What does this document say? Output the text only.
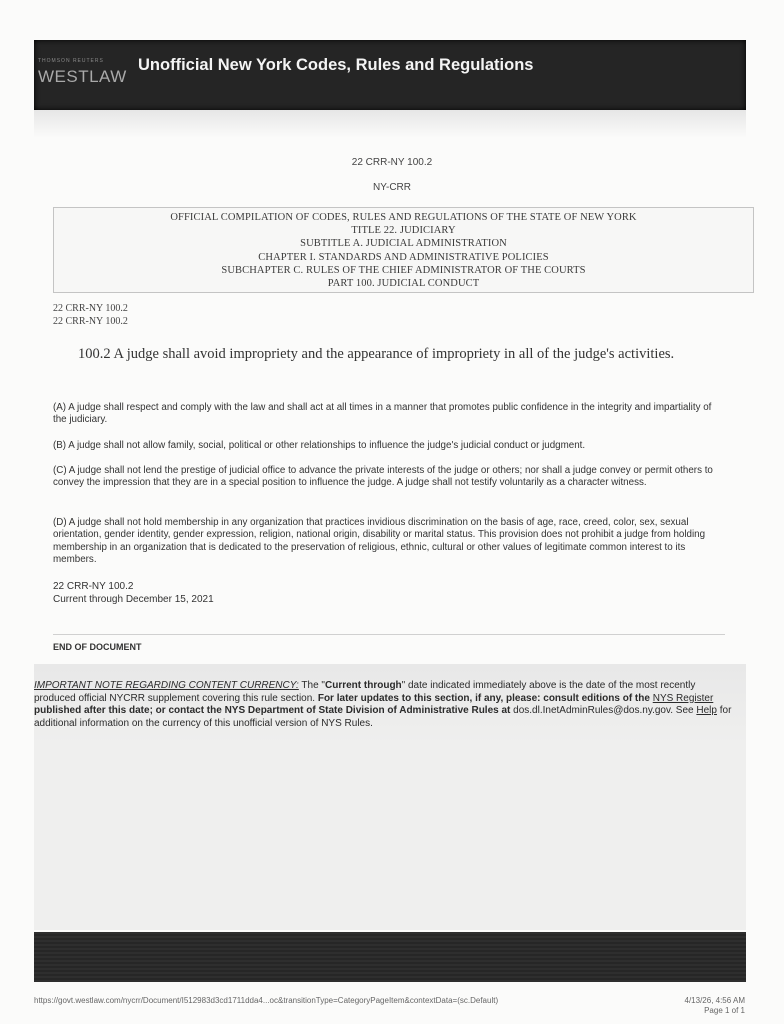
THOMSON REUTERS
WESTLAW
Unofficial New York Codes, Rules and Regulations
22 CRR-NY 100.2
NY-CRR
OFFICIAL COMPILATION OF CODES, RULES AND REGULATIONS OF THE STATE OF NEW YORK
TITLE 22. JUDICIARY
SUBTITLE A. JUDICIAL ADMINISTRATION
CHAPTER I. STANDARDS AND ADMINISTRATIVE POLICIES
SUBCHAPTER C. RULES OF THE CHIEF ADMINISTRATOR OF THE COURTS
PART 100. JUDICIAL CONDUCT
22 CRR-NY 100.2
22 CRR-NY 100.2
100.2 A judge shall avoid impropriety and the appearance of impropriety in all of the judge's activities.
(A) A judge shall respect and comply with the law and shall act at all times in a manner that promotes public confidence in the integrity and impartiality of the judiciary.
(B) A judge shall not allow family, social, political or other relationships to influence the judge's judicial conduct or judgment.
(C) A judge shall not lend the prestige of judicial office to advance the private interests of the judge or others; nor shall a judge convey or permit others to convey the impression that they are in a special position to influence the judge. A judge shall not testify voluntarily as a character witness.
(D) A judge shall not hold membership in any organization that practices invidious discrimination on the basis of age, race, creed, color, sex, sexual orientation, gender identity, gender expression, religion, national origin, disability or marital status. This provision does not prohibit a judge from holding membership in an organization that is dedicated to the preservation of religious, ethnic, cultural or other values of legitimate common interest to its members.
22 CRR-NY 100.2
Current through December 15, 2021
END OF DOCUMENT
IMPORTANT NOTE REGARDING CONTENT CURRENCY: The "Current through" date indicated immediately above is the date of the most recently produced official NYCRR supplement covering this rule section. For later updates to this section, if any, please: consult editions of the NYS Register published after this date; or contact the NYS Department of State Division of Administrative Rules at dos.dl.InetAdminRules@dos.ny.gov. See Help for additional information on the currency of this unofficial version of NYS Rules.
https://govt.westlaw.com/nycrr/Document/I512983d3cd1711dda4...oc&transitionType=CategoryPageItem&contextData=(sc.Default)	4/13/26, 4:56 AM
Page 1 of 1
